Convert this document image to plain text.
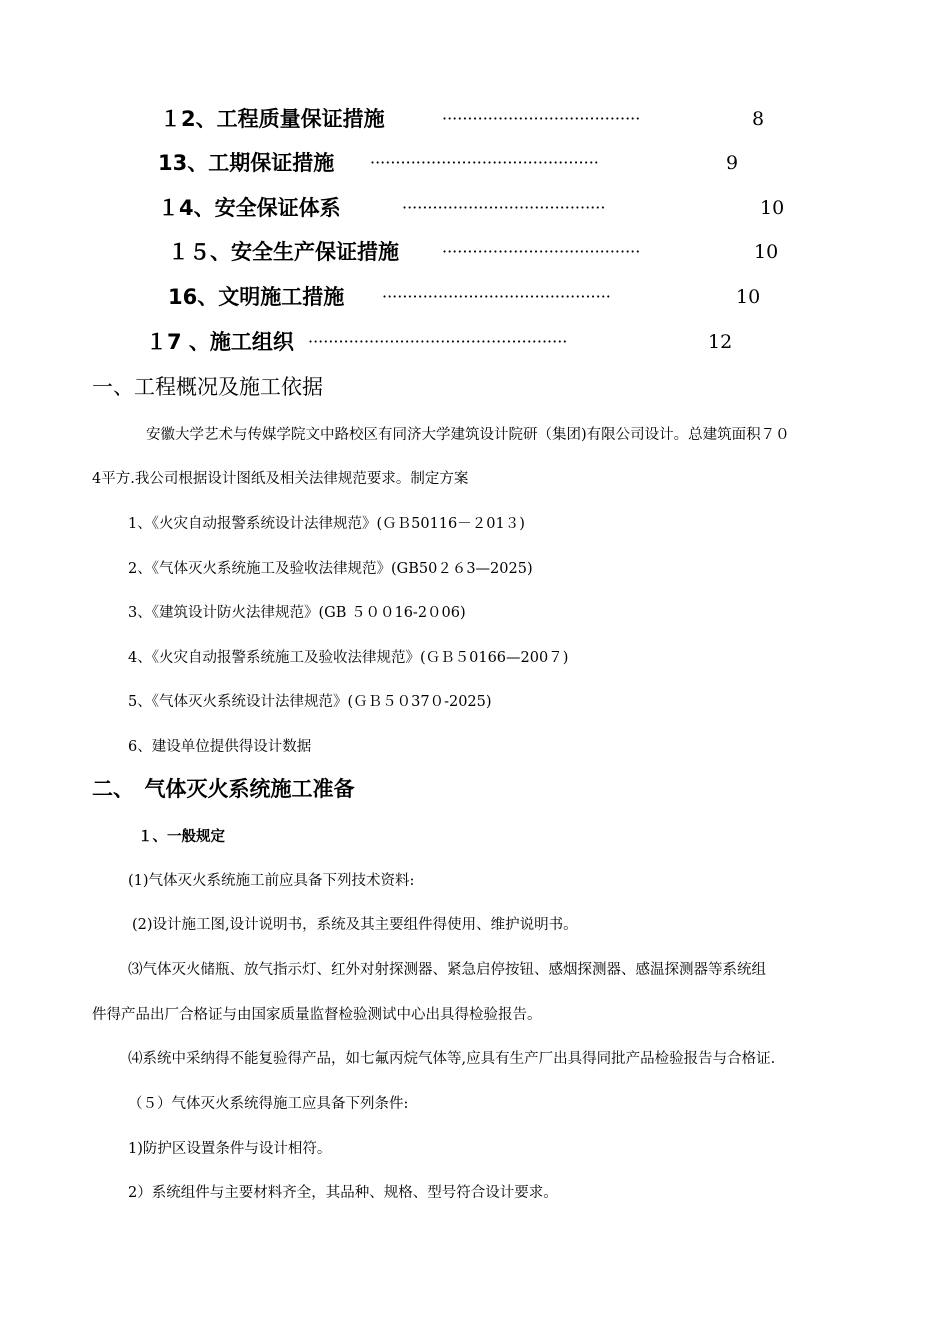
１2、工程质量保证措施	·······································	8
13、工期保证措施 ·············································	9
１4、安全保证体系	········································	10
１５、安全生产保证措施	·······································	10
16、文明施工措施 ·············································	10
１7 、施工组织 ···················································	12
一、工程概况及施工依据
安徽大学艺术与传媒学院文中路校区有同济大学建筑设计院研（集团)有限公司设计。总建筑面积７０
4平方.我公司根据设计图纸及相关法律规范要求。制定方案
1、《火灾自动报警系统设计法律规范》(ＧＢ50116－２01３)
2、《气体灭火系统施工及验收法律规范》(GB50２６3—2025)
3、《建筑设计防火法律规范》(GB ５００16-2０06)
4、《火灾自动报警系统施工及验收法律规范》(ＧＢ５0166—200７)
5、《气体灭火系统设计法律规范》(ＧＢ５０37０-2025)
6、建设单位提供得设计数据
二、　气体灭火系统施工准备
１、一般规定
(1)气体灭火系统施工前应具备下列技术资料:
(2)设计施工图,设计说明书，系统及其主要组件得使用、维护说明书。
⑶气体灭火储瓶、放气指示灯、红外对射探测器、紧急启停按钮、感烟探测器、感温探测器等系统组
件得产品出厂合格证与由国家质量监督检验测试中心出具得检验报告。
⑷系统中采纳得不能复验得产品，如七氟丙烷气体等,应具有生产厂出具得同批产品检验报告与合格证.
（５）气体灭火系统得施工应具备下列条件:
1)防护区设置条件与设计相符。
2）系统组件与主要材料齐全，其品种、规格、型号符合设计要求。
